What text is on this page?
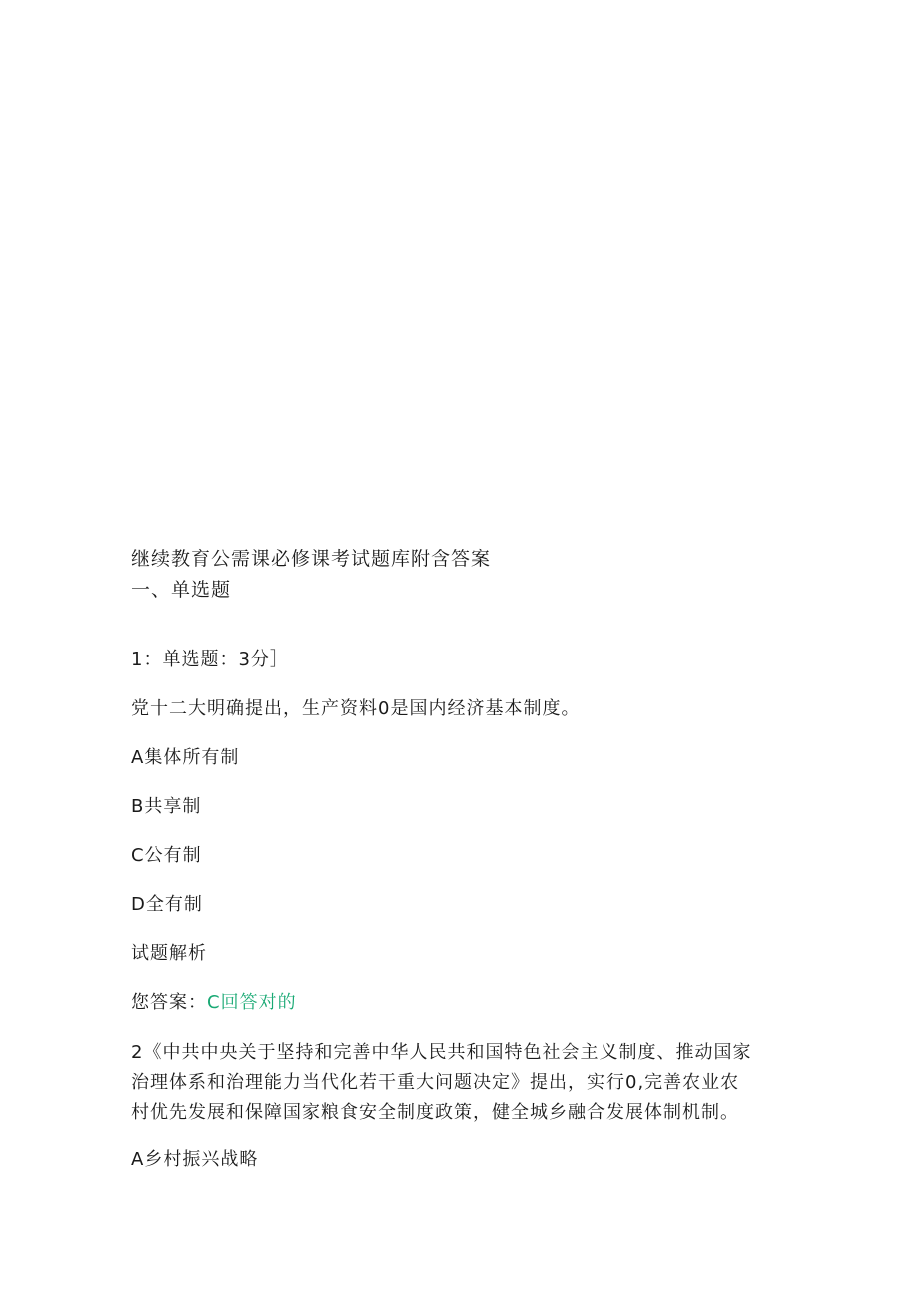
继续教育公需课必修课考试题库附含答案
一、单选题
1：单选题：3分］
党十二大明确提出，生产资料0是国内经济基本制度。
A集体所有制
B共享制
C公有制
D全有制
试题解析
您答案：C回答对的
2《中共中央关于坚持和完善中华人民共和国特色社会主义制度、推动国家
治理体系和治理能力当代化若干重大问题决定》提出，实行0,完善农业农
村优先发展和保障国家粮食安全制度政策，健全城乡融合发展体制机制。
A乡村振兴战略
